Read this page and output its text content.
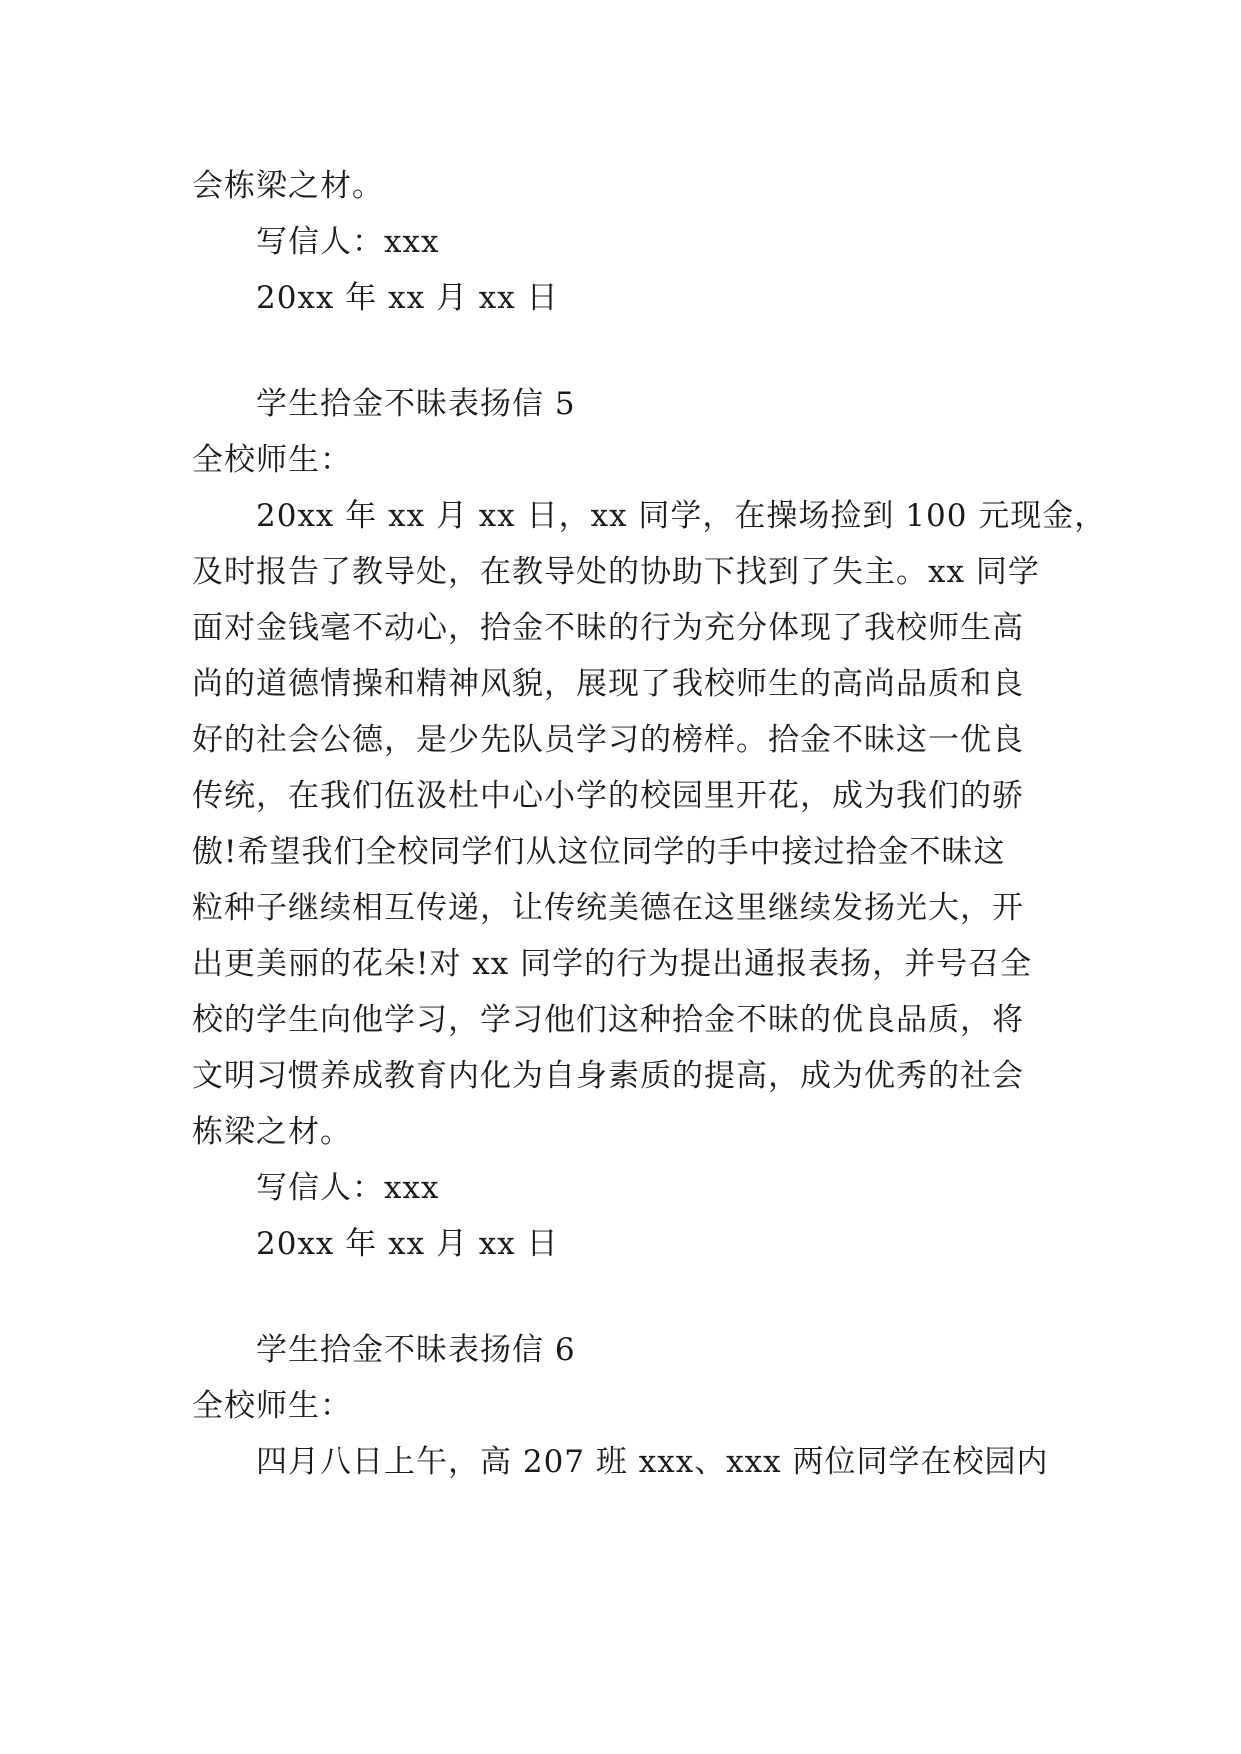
会栋梁之材。
写信人：xxx
20xx 年 xx 月 xx 日
学生拾金不昧表扬信 5
全校师生：
20xx 年 xx 月 xx 日，xx 同学，在操场捡到 100 元现金，
及时报告了教导处，在教导处的协助下找到了失主。xx 同学
面对金钱毫不动心，拾金不昧的行为充分体现了我校师生高
尚的道德情操和精神风貌，展现了我校师生的高尚品质和良
好的社会公德，是少先队员学习的榜样。拾金不昧这一优良
传统，在我们伍汲杜中心小学的校园里开花，成为我们的骄
傲!希望我们全校同学们从这位同学的手中接过拾金不昧这
粒种子继续相互传递，让传统美德在这里继续发扬光大，开
出更美丽的花朵!对 xx 同学的行为提出通报表扬，并号召全
校的学生向他学习，学习他们这种拾金不昧的优良品质，将
文明习惯养成教育内化为自身素质的提高，成为优秀的社会
栋梁之材。
写信人：xxx
20xx 年 xx 月 xx 日
学生拾金不昧表扬信 6
全校师生：
四月八日上午，高 207 班 xxx、xxx 两位同学在校园内
